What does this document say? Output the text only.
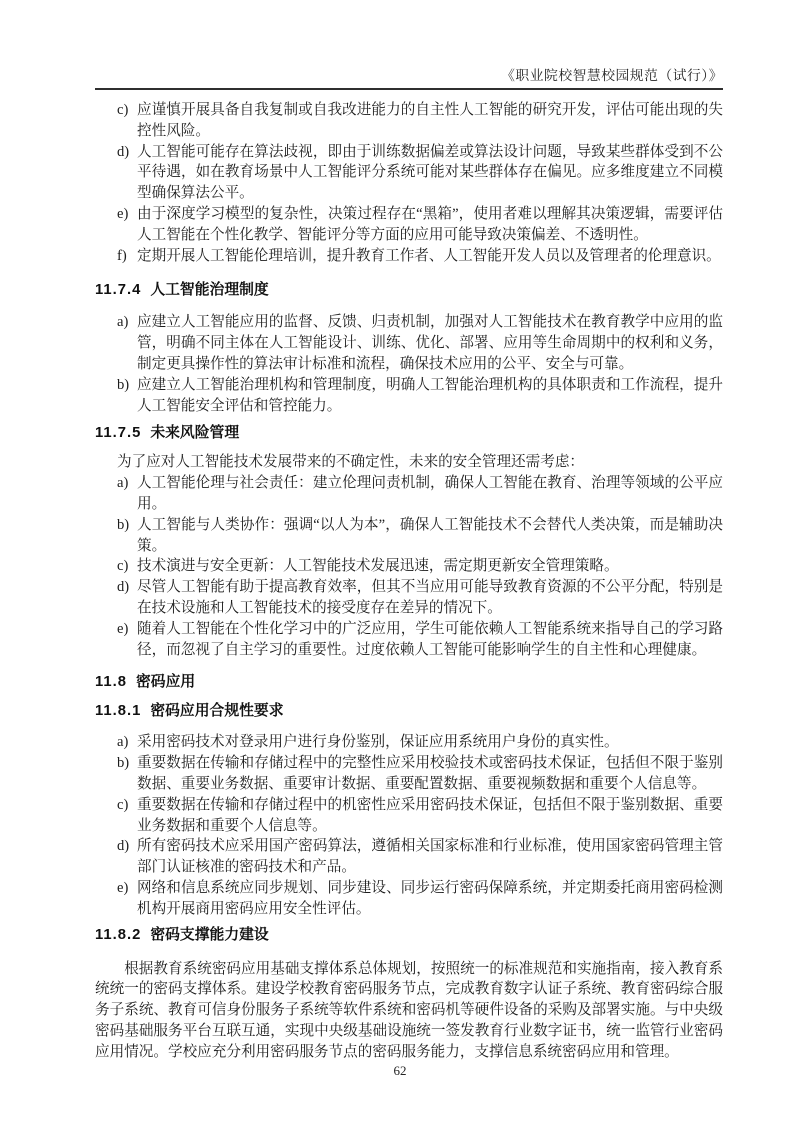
《职业院校智慧校园规范（试行）》
c) 应谨慎开展具备自我复制或自我改进能力的自主性人工智能的研究开发，评估可能出现的失控性风险。
d) 人工智能可能存在算法歧视，即由于训练数据偏差或算法设计问题，导致某些群体受到不公平待遇，如在教育场景中人工智能评分系统可能对某些群体存在偏见。应多维度建立不同模型确保算法公平。
e) 由于深度学习模型的复杂性，决策过程存在“黑箱”，使用者难以理解其决策逻辑，需要评估人工智能在个性化教学、智能评分等方面的应用可能导致决策偏差、不透明性。
f) 定期开展人工智能伦理培训，提升教育工作者、人工智能开发人员以及管理者的伦理意识。
11.7.4 人工智能治理制度
a) 应建立人工智能应用的监督、反馈、归责机制，加强对人工智能技术在教育教学中应用的监管，明确不同主体在人工智能设计、训练、优化、部署、应用等生命周期中的权利和义务，制定更具操作性的算法审计标准和流程，确保技术应用的公平、安全与可靠。
b) 应建立人工智能治理机构和管理制度，明确人工智能治理机构的具体职责和工作流程，提升人工智能安全评估和管控能力。
11.7.5 未来风险管理
为了应对人工智能技术发展带来的不确定性，未来的安全管理还需考虑：
a) 人工智能伦理与社会责任：建立伦理问责机制，确保人工智能在教育、治理等领域的公平应用。
b) 人工智能与人类协作：强调“以人为本”，确保人工智能技术不会替代人类决策，而是辅助决策。
c) 技术演进与安全更新：人工智能技术发展迅速，需定期更新安全管理策略。
d) 尽管人工智能有助于提高教育效率，但其不当应用可能导致教育资源的不公平分配，特别是在技术设施和人工智能技术的接受度存在差异的情况下。
e) 随着人工智能在个性化学习中的广泛应用，学生可能依赖人工智能系统来指导自己的学习路径，而忽视了自主学习的重要性。过度依赖人工智能可能影响学生的自主性和心理健康。
11.8 密码应用
11.8.1 密码应用合规性要求
a) 采用密码技术对登录用户进行身份鉴别，保证应用系统用户身份的真实性。
b) 重要数据在传输和存储过程中的完整性应采用校验技术或密码技术保证，包括但不限于鉴别数据、重要业务数据、重要审计数据、重要配置数据、重要视频数据和重要个人信息等。
c) 重要数据在传输和存储过程中的机密性应采用密码技术保证，包括但不限于鉴别数据、重要业务数据和重要个人信息等。
d) 所有密码技术应采用国产密码算法，遵循相关国家标准和行业标准，使用国家密码管理主管部门认证核准的密码技术和产品。
e) 网络和信息系统应同步规划、同步建设、同步运行密码保障系统，并定期委托商用密码检测机构开展商用密码应用安全性评估。
11.8.2 密码支撑能力建设

根据教育系统密码应用基础支撑体系总体规划，按照统一的标准规范和实施指南，接入教育系统统一的密码支撑体系。建设学校教育密码服务节点，完成教育数字认证子系统、教育密码综合服务子系统、教育可信身份服务子系统等软件系统和密码机等硬件设备的采购及部署实施。与中央级密码基础服务平台互联互通，实现中央级基础设施统一签发教育行业数字证书，统一监管行业密码应用情况。学校应充分利用密码服务节点的密码服务能力，支撑信息系统密码应用和管理。

62
